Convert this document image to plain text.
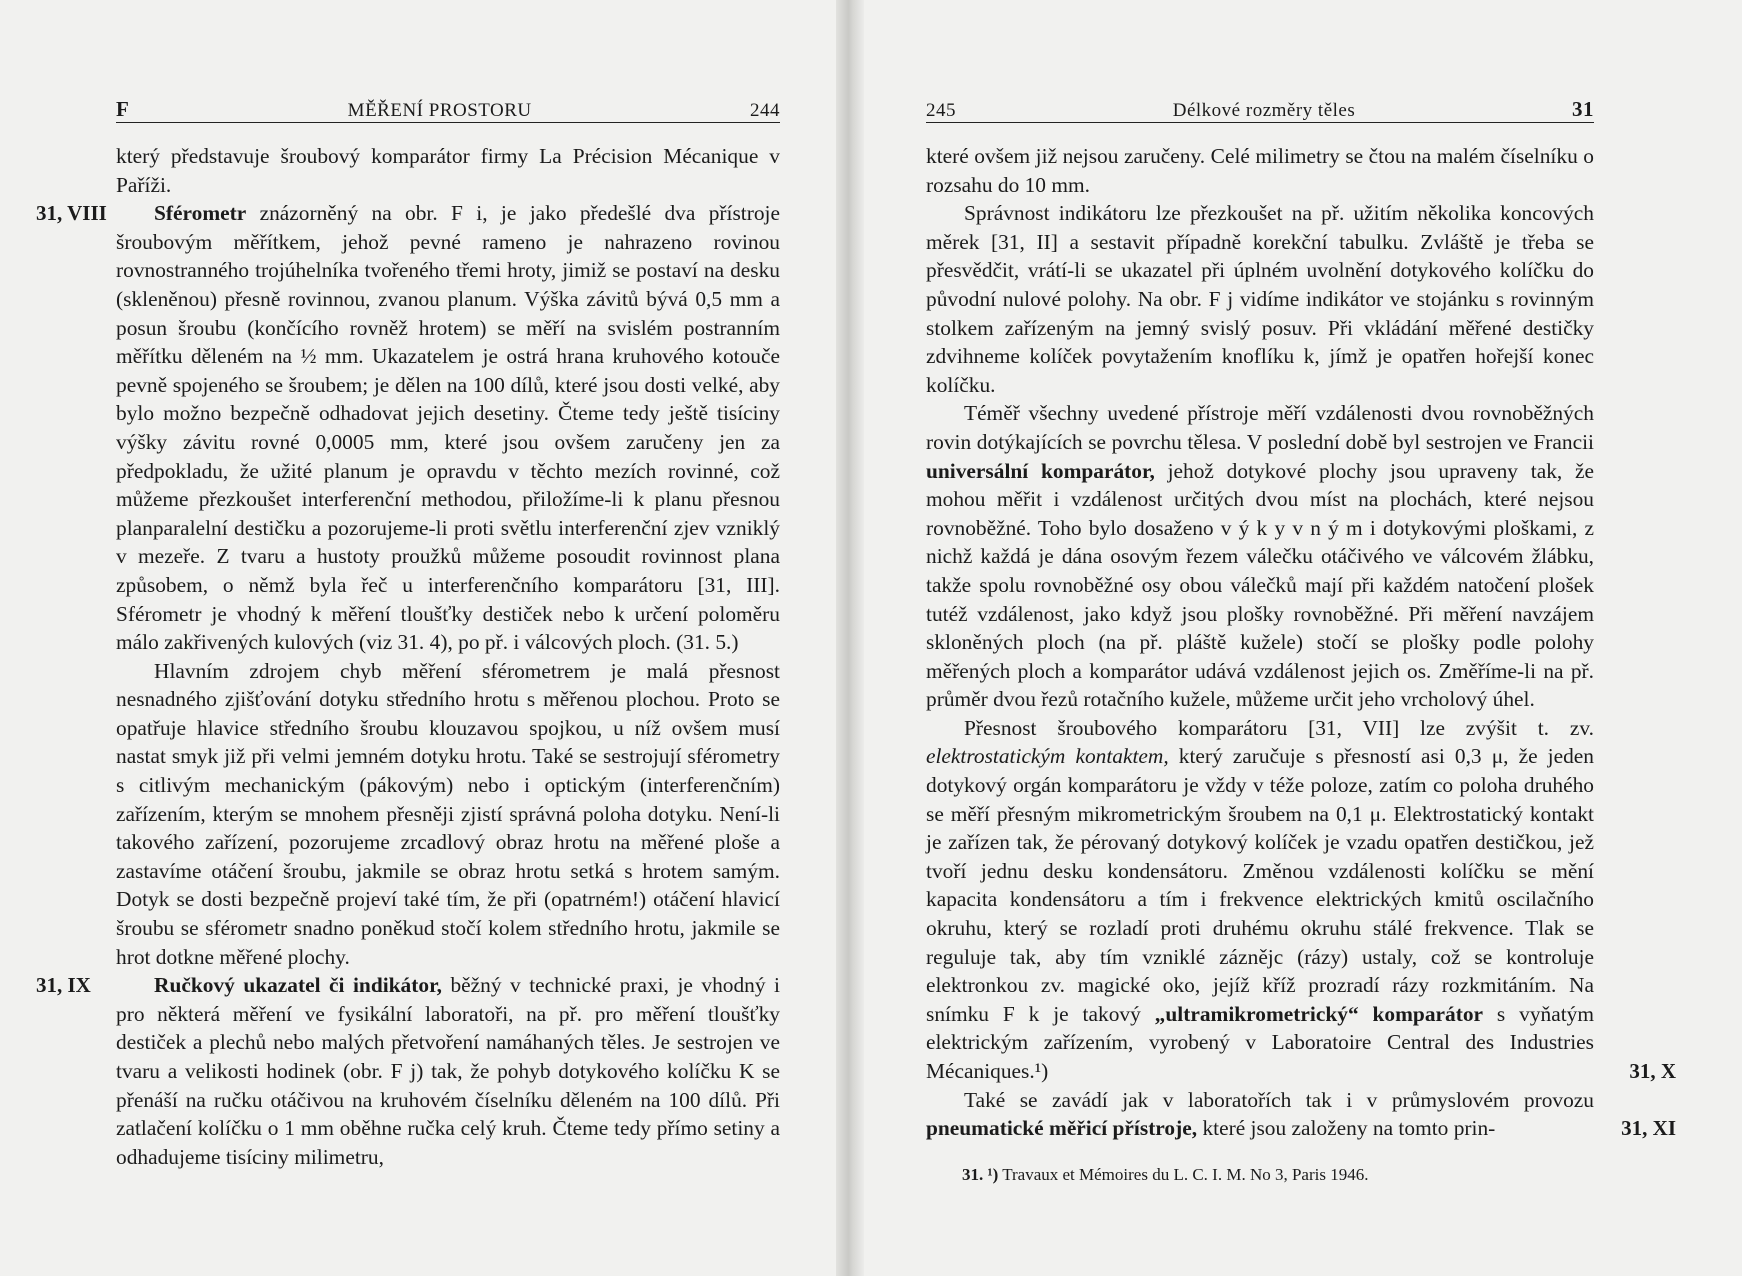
F	MĚŘENÍ PROSTORU	244

který představuje šroubový komparátor firmy La Précision Mécanique v Paříži.

31, VIII Sférometr znázorněný na obr. F i, je jako předešlé dva přístroje šroubovým měřítkem, jehož pevné rameno je nahrazeno rovinou rovnostranného trojúhelníka tvořeného třemi hroty, jimiž se postaví na desku (skleněnou) přesně rovinnou, zvanou planum. Výška závitů bývá 0,5 mm a posun šroubu (končícího rovněž hrotem) se měří na svislém postranním měřítku děleném na ½ mm. Ukazatelem je ostrá hrana kruhového kotouče pevně spojeného se šroubem; je dělen na 100 dílů, které jsou dosti velké, aby bylo možno bezpečně odhadovat jejich desetiny. Čteme tedy ještě tisíciny výšky závitu rovné 0,0005 mm, které jsou ovšem zaručeny jen za předpokladu, že užité planum je opravdu v těchto mezích rovinné, což můžeme přezkoušet interferenční methodou, přiložíme-li k planu přesnou planparalelní destičku a pozorujeme-li proti světlu interferenční zjev vzniklý v mezeře. Z tvaru a hustoty proužků můžeme posoudit rovinnost plana způsobem, o němž byla řeč u interferenčního komparátoru [31, III]. Sférometr je vhodný k měření tloušťky destiček nebo k určení poloměru málo zakřivených kulových (viz 31. 4), po př. i válcových ploch. (31. 5.)

Hlavním zdrojem chyb měření sférometrem je malá přesnost nesnadného zjišťování dotyku středního hrotu s měřenou plochou. Proto se opatřuje hlavice středního šroubu klouzavou spojkou, u níž ovšem musí nastat smyk již při velmi jemném dotyku hrotu. Také se sestrojují sférometry s citlivým mechanickým (pákovým) nebo i optickým (interferenčním) zařízením, kterým se mnohem přesněji zjistí správná poloha dotyku. Není-li takového zařízení, pozorujeme zrcadlový obraz hrotu na měřené ploše a zastavíme otáčení šroubu, jakmile se obraz hrotu setká s hrotem samým. Dotyk se dosti bezpečně projeví také tím, že při (opatrném!) otáčení hlavicí šroubu se sférometr snadno poněkud stočí kolem středního hrotu, jakmile se hrot dotkne měřené plochy.

31, IX	Ručkový ukazatel či indikátor, běžný v technické praxi, je vhodný i pro některá měření ve fysikální laboratoři, na př. pro měření tloušťky destiček a plechů nebo malých přetvoření namáhaných těles. Je sestrojen ve tvaru a velikosti hodinek (obr. F j) tak, že pohyb dotykového kolíčku K se přenáší na ručku otáčivou na kruhovém číselníku děleném na 100 dílů. Při zatlačení kolíčku o 1 mm oběhne ručka celý kruh. Čteme tedy přímo setiny a odhadujeme tisíciny milimetru,

245	Délkové rozměry těles	31

které ovšem již nejsou zaručeny. Celé milimetry se čtou na malém číselníku o rozsahu do 10 mm.

Správnost indikátoru lze přezkoušet na př. užitím několika koncových měrek [31, II] a sestavit případně korekční tabulku. Zvláště je třeba se přesvědčit, vrátí-li se ukazatel při úplném uvolnění dotykového kolíčku do původní nulové polohy. Na obr. F j vidíme indikátor ve stojánku s rovinným stolkem zařízeným na jemný svislý posuv. Při vkládání měřené destičky zdvihneme kolíček povytažením knoflíku k, jímž je opatřen hořejší konec kolíčku.

Téměř všechny uvedené přístroje měří vzdálenosti dvou rovnoběžných rovin dotýkajících se povrchu tělesa. V poslední době byl sestrojen ve Francii universální komparátor, jehož dotykové plochy jsou upraveny tak, že mohou měřit i vzdálenost určitých dvou míst na plochách, které nejsou rovnoběžné. Toho bylo dosaženo v ý k y v n ý m i dotykovými ploškami, z nichž každá je dána osovým řezem válečku otáčivého ve válcovém žlábku, takže spolu rovnoběžné osy obou válečků mají při každém natočení plošek tutéž vzdálenost, jako když jsou plošky rovnoběžné. Při měření navzájem skloněných ploch (na př. pláště kužele) stočí se plošky podle polohy měřených ploch a komparátor udává vzdálenost jejich os. Změříme-li na př. průměr dvou řezů rotačního kužele, můžeme určit jeho vrcholový úhel.

31, X
Přesnost šroubového komparátoru [31, VII] lze zvýšit t. zv. elektrostatickým kontaktem, který zaručuje s přesností asi 0,3 μ, že jeden dotykový orgán komparátoru je vždy v téže poloze, zatím co poloha druhého se měří přesným mikrometrickým šroubem na 0,1 μ. Elektrostatický kontakt je zařízen tak, že pérovaný dotykový kolíček je vzadu opatřen destičkou, jež tvoří jednu desku kondensátoru. Změnou vzdálenosti kolíčku se mění kapacita kondensátoru a tím i frekvence elektrických kmitů oscilačního okruhu, který se rozladí proti druhému okruhu stálé frekvence. Tlak se reguluje tak, aby tím vzniklé záznějc (rázy) ustaly, což se kontroluje elektronkou zv. magické oko, jejíž kříž prozradí rázy rozkmitáním. Na snímku F k je takový „ultramikrometrický“ komparátor s vyňatým elektrickým zařízením, vyrobený v Laboratoire Central des Industries Mécaniques.¹)

31, XI
Také se zavádí jak v laboratořích tak i v průmyslovém provozu pneumatické měřicí přístroje, které jsou založeny na tomto prin-

31. ¹) Travaux et Mémoires du L. C. I. M. No 3, Paris 1946.
